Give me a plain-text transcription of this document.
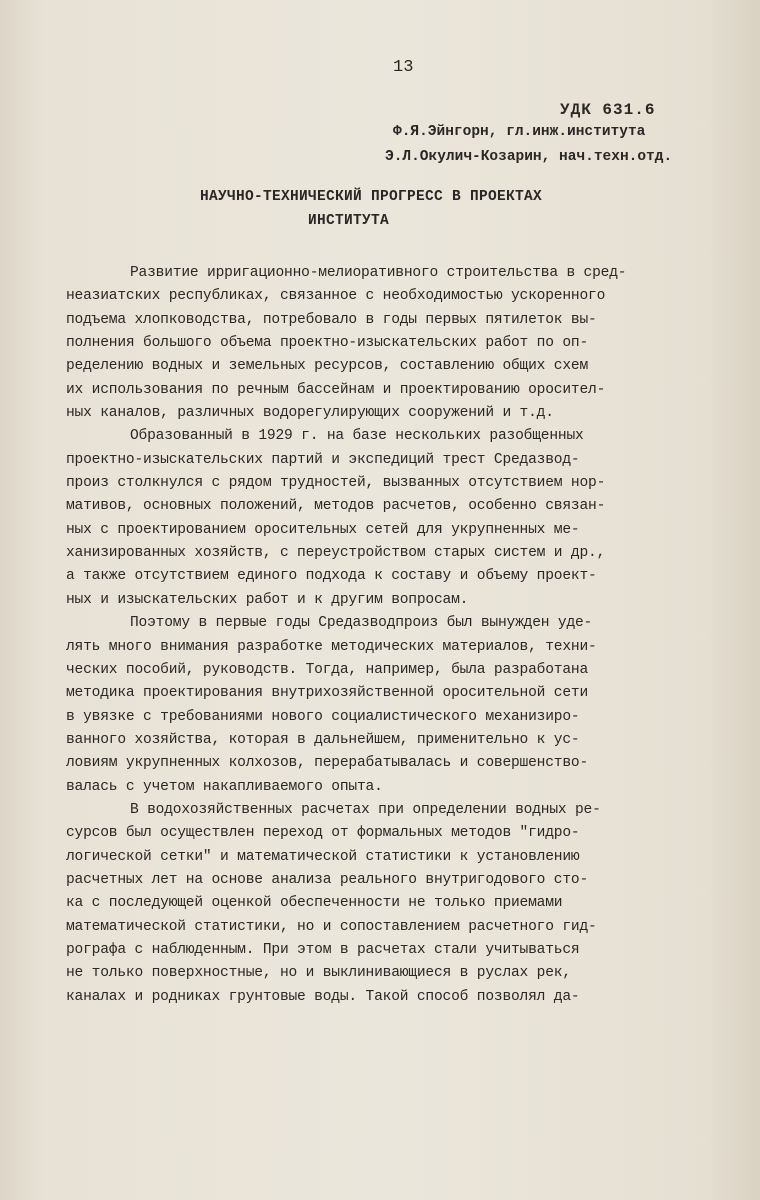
13
УДК 631.6
Ф.Я.Эйнгорн, гл.инж.института
Э.Л.Окулич-Козарин, нач.техн.отд.
НАУЧНО-ТЕХНИЧЕСКИЙ ПРОГРЕСС В ПРОЕКТАХ
ИНСТИТУТА
Развитие ирригационно-мелиоративного строительства в сред-
неазиатских республиках, связанное с необходимостью ускоренного
подъема хлопководства, потребовало в годы первых пятилеток вы-
полнения большого объема проектно-изыскательских работ по оп-
ределению водных и земельных ресурсов, составлению общих схем
их использования по речным бассейнам и проектированию оросител-
ных каналов, различных водорегулирующих сооружений и т.д.
Образованный в 1929 г. на базе нескольких разобщенных
проектно-изыскательских партий и экспедиций трест Средазвод-
произ столкнулся с рядом трудностей, вызванных отсутствием нор-
мативов, основных положений, методов расчетов, особенно связан-
ных с проектированием оросительных сетей для укрупненных ме-
ханизированных хозяйств, с переустройством старых систем и др.,
а также отсутствием единого подхода к составу и объему проект-
ных и изыскательских работ и к другим вопросам.
Поэтому в первые годы Средазводпроиз был вынужден уде-
лять много внимания разработке методических материалов, техни-
ческих пособий, руководств. Тогда, например, была разработана
методика проектирования внутрихозяйственной оросительной сети
в увязке с требованиями нового социалистического механизиро-
ванного хозяйства, которая в дальнейшем, применительно к ус-
ловиям укрупненных колхозов, перерабатывалась и совершенство-
валась с учетом накапливаемого опыта.
В водохозяйственных расчетах при определении водных ре-
сурсов был осуществлен переход от формальных методов "гидро-
логической сетки" и математической статистики к установлению
расчетных лет на основе анализа реального внутригодового сто-
ка с последующей оценкой обеспеченности не только приемами
математической статистики, но и сопоставлением расчетного гид-
рографа с наблюденным. При этом в расчетах стали учитываться
не только поверхностные, но и выклинивающиеся в руслах рек,
каналах и родниках грунтовые воды. Такой способ позволял да-
